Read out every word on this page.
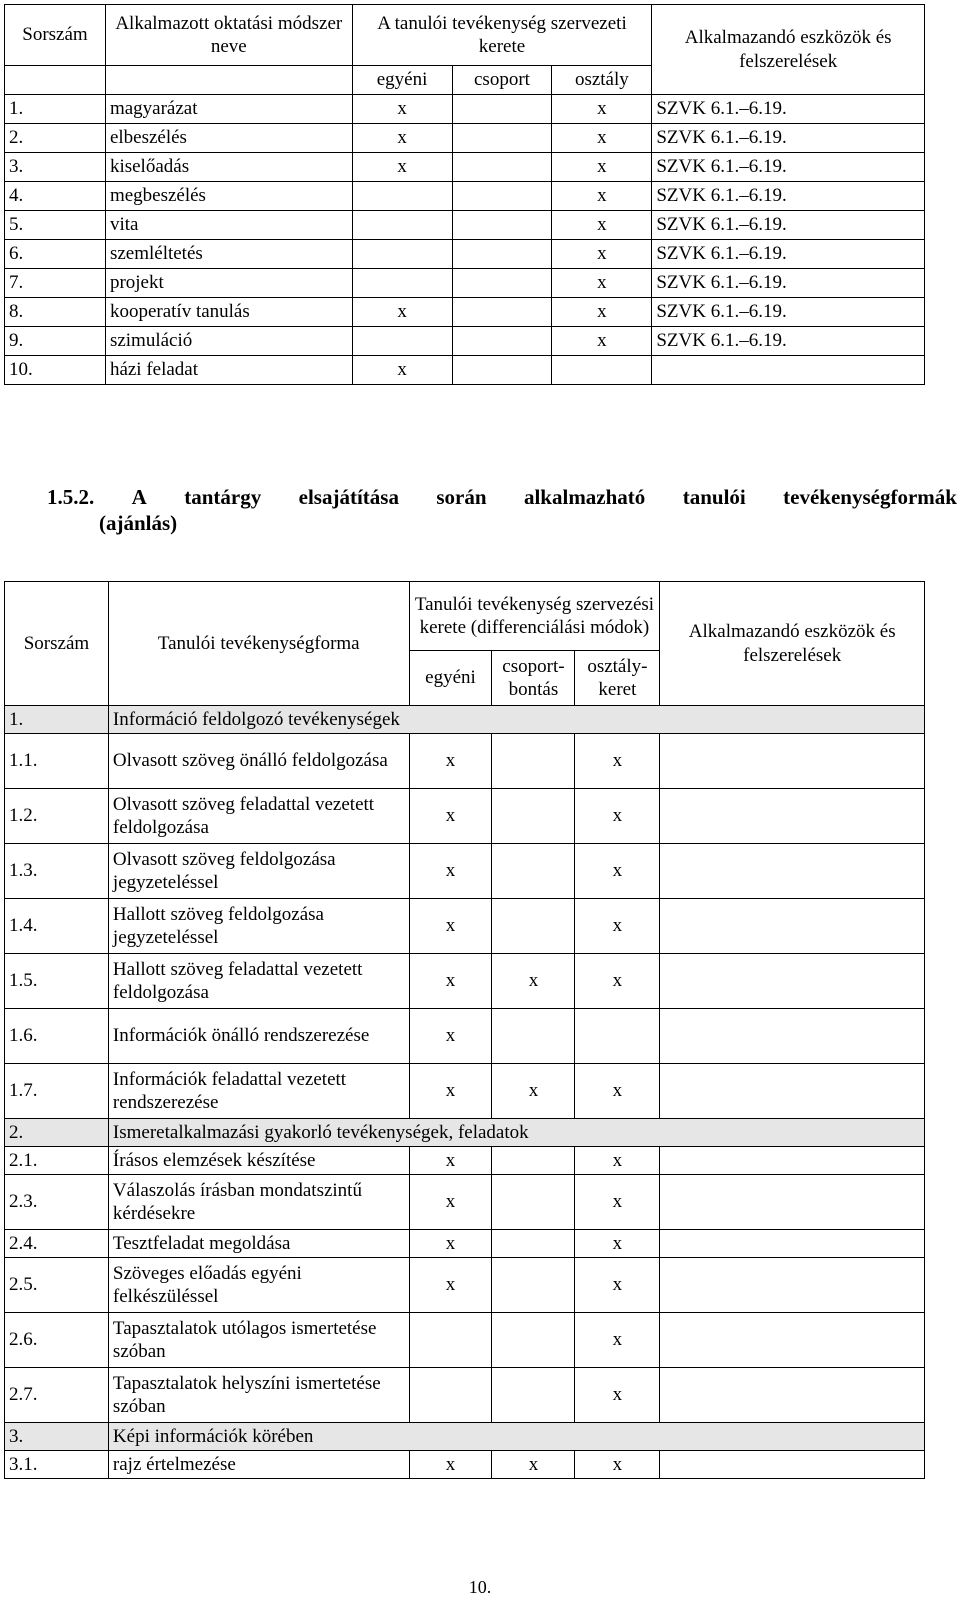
Sorszám	Alkalmazott oktatási módszer neve	A tanulói tevékenység szervezeti kerete			Alkalmazandó eszközök és felszerelések

		egyéni	csoport	osztály	
1.	magyarázat	x		x	SZVK 6.1.–6.19.
2.	elbeszélés	x		x	SZVK 6.1.–6.19.
3.	kiselőadás	x		x	SZVK 6.1.–6.19.
4.	megbeszélés			x	SZVK 6.1.–6.19.
5.	vita			x	SZVK 6.1.–6.19.
6.	szemléltetés			x	SZVK 6.1.–6.19.
7.	projekt			x	SZVK 6.1.–6.19.
8.	kooperatív tanulás	x		x	SZVK 6.1.–6.19.
9.	szimuláció			x	SZVK 6.1.–6.19.
10.	házi feladat	x			
1.5.2. A tantárgy elsajátítása során alkalmazható tanulói tevékenységformák
(ajánlás)
Sorszám	Tanulói tevékenységforma	Tanulói tevékenység szervezési kerete (differenciálási módok)			Alkalmazandó eszközök és felszerelések
		egyéni	csoport-bontás	osztály-keret	
1.	Információ feldolgozó tevékenységek				
1.1.	Olvasott szöveg önálló feldolgozása	x		x	
1.2.	Olvasott szöveg feladattal vezetett feldolgozása	x		x	
1.3.	Olvasott szöveg feldolgozása jegyzeteléssel	x		x	
1.4.	Hallott szöveg feldolgozása jegyzeteléssel	x		x	
1.5.	Hallott szöveg feladattal vezetett feldolgozása	x	x	x	
1.6.	Információk önálló rendszerezése	x			
1.7.	Információk feladattal vezetett rendszerezése	x	x	x	
2.	Ismeretalkalmazási gyakorló tevékenységek, feladatok				
2.1.	Írásos elemzések készítése	x		x	
2.3.	Válaszolás írásban mondatszintű kérdésekre	x		x	
2.4.	Tesztfeladat megoldása	x		x	
2.5.	Szöveges előadás egyéni felkészüléssel	x		x	
2.6.	Tapasztalatok utólagos ismertetése szóban			x	
2.7.	Tapasztalatok helyszíni ismertetése szóban			x	
3.	Képi információk körében				
3.1.	rajz értelmezése	x	x	x	
10.
